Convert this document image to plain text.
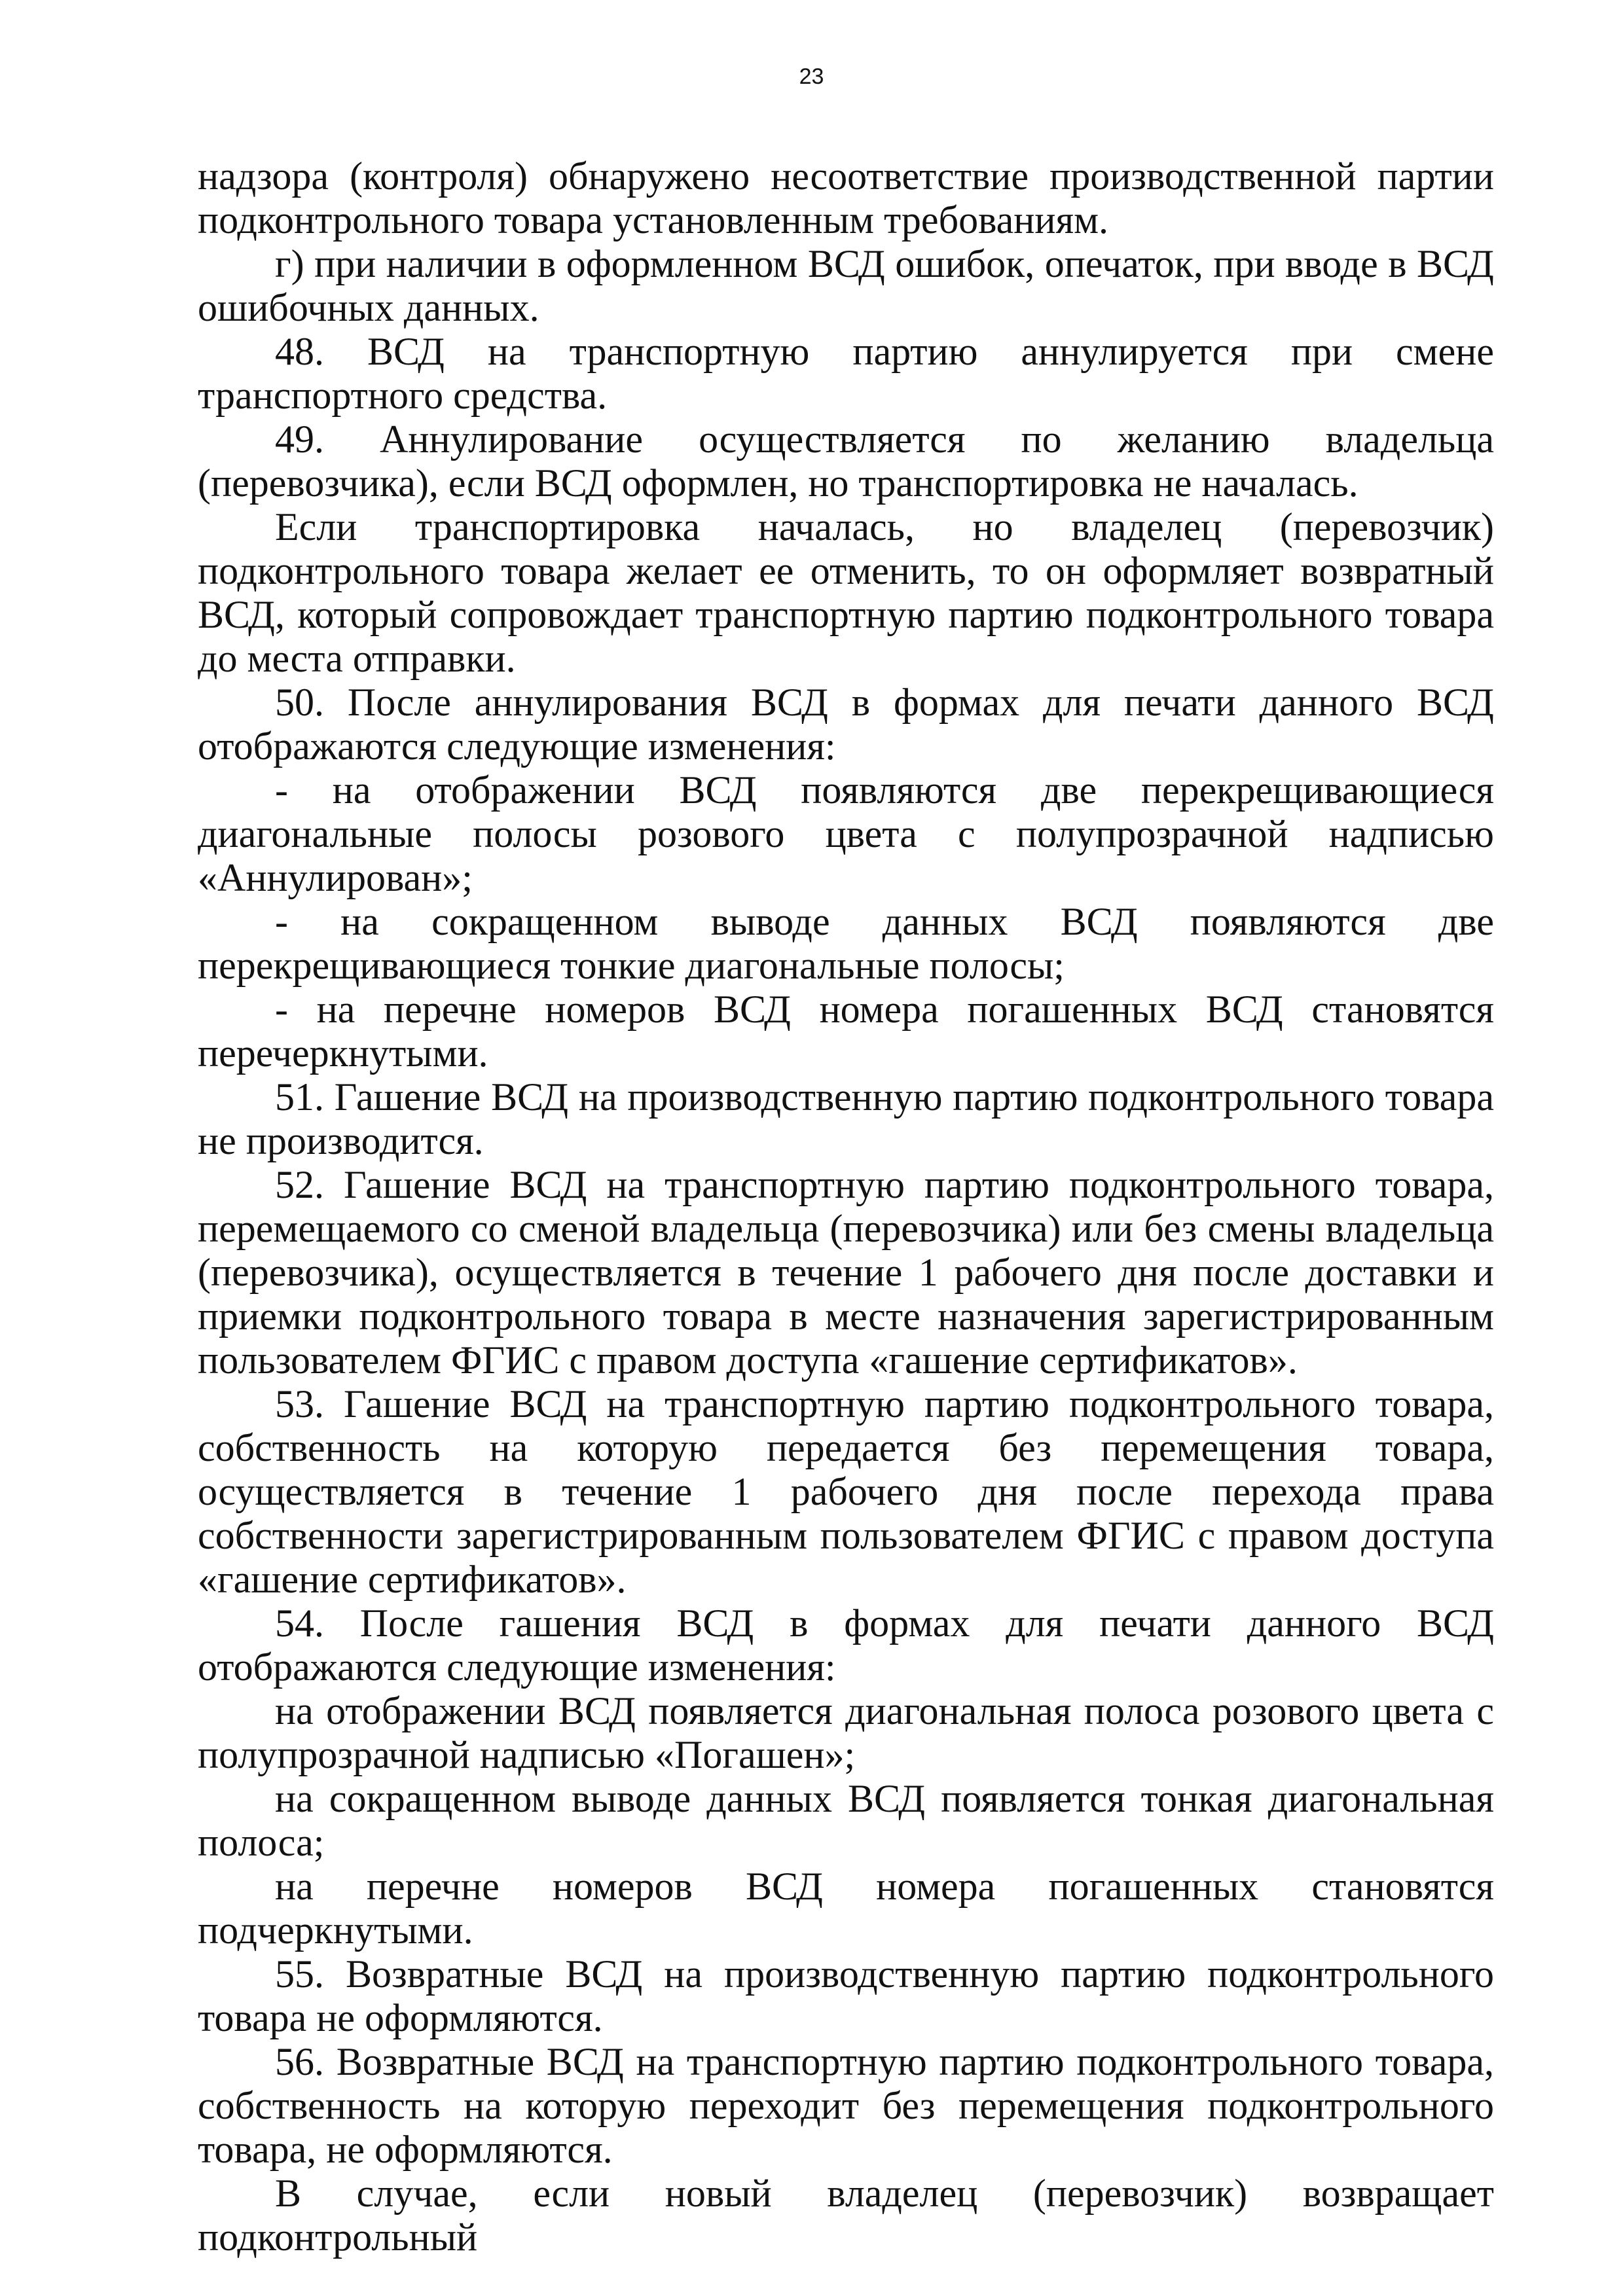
23

надзора (контроля) обнаружено несоответствие производственной партии подконтрольного товара установленным требованиям.

г) при наличии в оформленном ВСД ошибок, опечаток, при вводе в ВСД ошибочных данных.

48. ВСД на транспортную партию аннулируется при смене транспортного средства.

49. Аннулирование осуществляется по желанию владельца (перевозчика), если ВСД оформлен, но транспортировка не началась.

Если транспортировка началась, но владелец (перевозчик) подконтрольного товара желает ее отменить, то он оформляет возвратный ВСД, который сопровождает транспортную партию подконтрольного товара до места отправки.

50. После аннулирования ВСД в формах для печати данного ВСД отображаются следующие изменения:

- на отображении ВСД появляются две перекрещивающиеся диагональные полосы розового цвета с полупрозрачной надписью «Аннулирован»;

- на сокращенном выводе данных ВСД появляются две перекрещивающиеся тонкие диагональные полосы;

- на перечне номеров ВСД номера погашенных ВСД становятся перечеркнутыми.

51. Гашение ВСД на производственную партию подконтрольного товара не производится.

52. Гашение ВСД на транспортную партию подконтрольного товара, перемещаемого со сменой владельца (перевозчика) или без смены владельца (перевозчика), осуществляется в течение 1 рабочего дня после доставки и приемки подконтрольного товара в месте назначения зарегистрированным пользователем ФГИС с правом доступа «гашение сертификатов».

53. Гашение ВСД на транспортную партию подконтрольного товара, собственность на которую передается без перемещения товара, осуществляется в течение 1 рабочего дня после перехода права собственности зарегистрированным пользователем ФГИС с правом доступа «гашение сертификатов».

54. После гашения ВСД в формах для печати данного ВСД отображаются следующие изменения:

на отображении ВСД появляется диагональная полоса розового цвета с полупрозрачной надписью «Погашен»;

на сокращенном выводе данных ВСД появляется тонкая диагональная полоса;

на перечне номеров ВСД номера погашенных становятся подчеркнутыми.

55. Возвратные ВСД на производственную партию подконтрольного товара не оформляются.

56. Возвратные ВСД на транспортную партию подконтрольного товара, собственность на которую переходит без перемещения подконтрольного товара, не оформляются.

В случае, если новый владелец (перевозчик) возвращает подконтрольный
